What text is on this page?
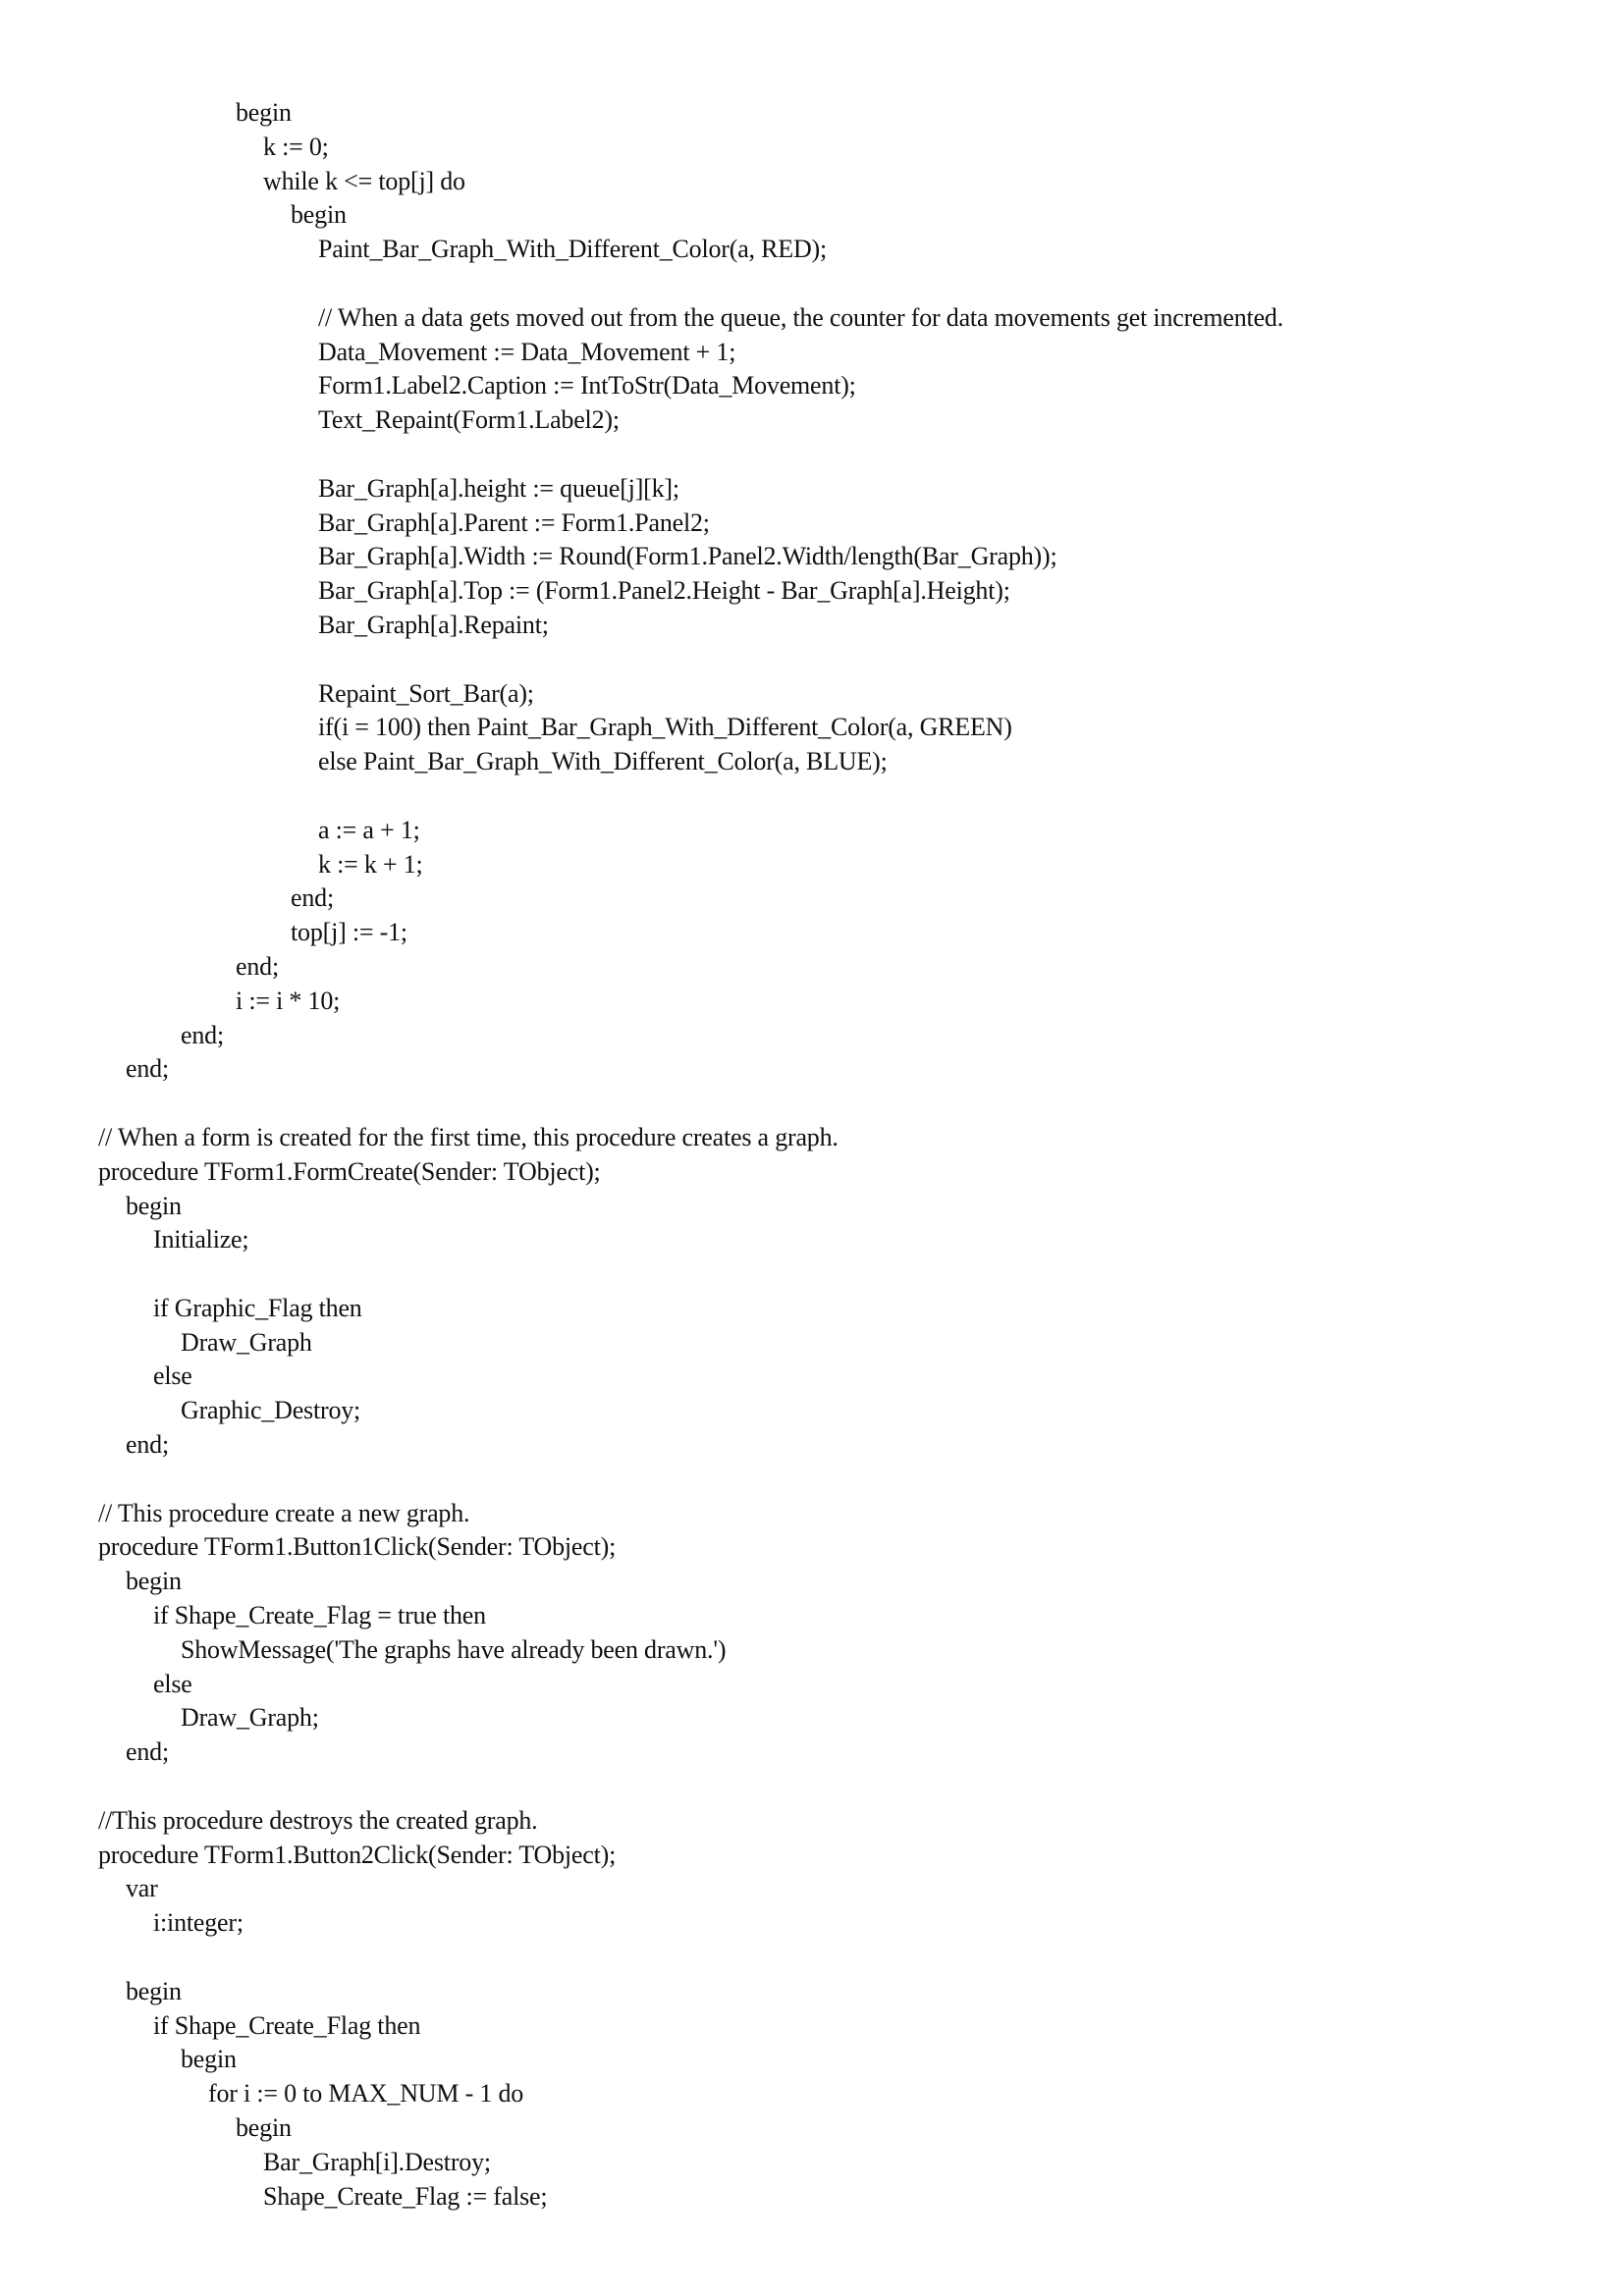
begin
k := 0;
while k <= top[j] do
begin
Paint_Bar_Graph_With_Different_Color(a, RED);
// When a data gets moved out from the queue, the counter for data movements get incremented.
Data_Movement := Data_Movement + 1;
Form1.Label2.Caption := IntToStr(Data_Movement);
Text_Repaint(Form1.Label2);
Bar_Graph[a].height := queue[j][k];
Bar_Graph[a].Parent := Form1.Panel2;
Bar_Graph[a].Width := Round(Form1.Panel2.Width/length(Bar_Graph));
Bar_Graph[a].Top := (Form1.Panel2.Height - Bar_Graph[a].Height);
Bar_Graph[a].Repaint;
Repaint_Sort_Bar(a);
if(i = 100) then Paint_Bar_Graph_With_Different_Color(a, GREEN)
else Paint_Bar_Graph_With_Different_Color(a, BLUE);
a := a + 1;
k := k + 1;
end;
top[j] := -1;
end;
i := i * 10;
end;
end;
// When a form is created for the first time, this procedure creates a graph.
procedure TForm1.FormCreate(Sender: TObject);
begin
Initialize;
if Graphic_Flag then
Draw_Graph
else
Graphic_Destroy;
end;
// This procedure create a new graph.
procedure TForm1.Button1Click(Sender: TObject);
begin
if Shape_Create_Flag = true then
ShowMessage('The graphs have already been drawn.')
else
Draw_Graph;
end;
//This procedure destroys the created graph.
procedure TForm1.Button2Click(Sender: TObject);
var
i:integer;
begin
if Shape_Create_Flag then
begin
for i := 0 to MAX_NUM - 1 do
begin
Bar_Graph[i].Destroy;
Shape_Create_Flag := false;
